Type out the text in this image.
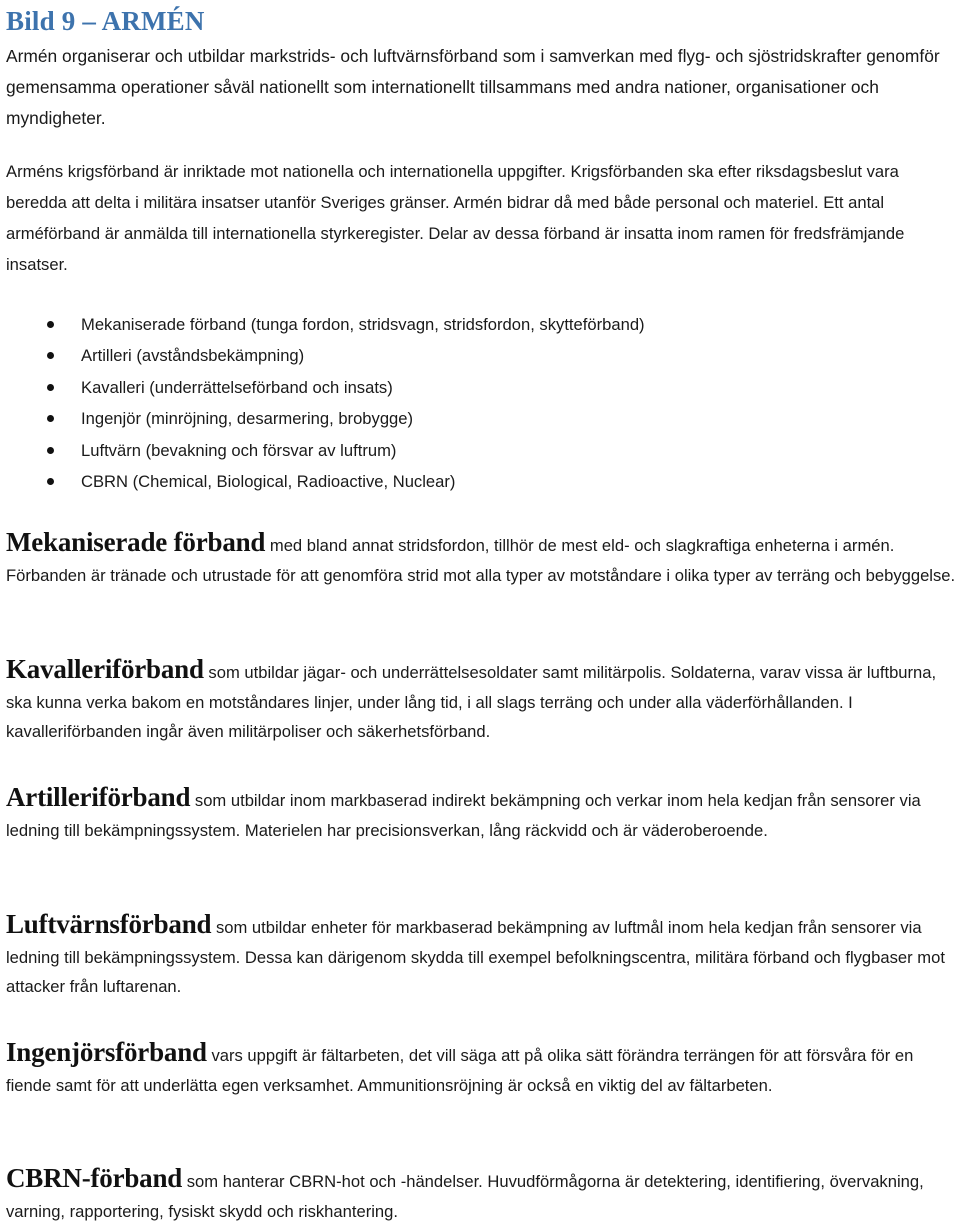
Bild 9 – ARMÉN

Armén organiserar och utbildar markstrids- och luftvärnsförband som i samverkan med flyg- och sjöstridskrafter genomför gemensamma operationer såväl nationellt som internationellt tillsammans med andra nationer, organisationer och myndigheter.

Arméns krigsförband är inriktade mot nationella och internationella uppgifter. Krigsförbanden ska efter riksdagsbeslut vara beredda att delta i militära insatser utanför Sveriges gränser. Armén bidrar då med både personal och materiel. Ett antal arméförband är anmälda till internationella styrkeregister. Delar av dessa förband är insatta inom ramen för fredsfrämjande insatser.

Mekaniserade förband (tunga fordon, stridsvagn, stridsfordon, skytteförband)
Artilleri (avståndsbekämpning)
Kavalleri (underrättelseförband och insats)
Ingenjör (minröjning, desarmering, brobygge)
Luftvärn (bevakning och försvar av luftrum)
CBRN (Chemical, Biological, Radioactive, Nuclear)

Mekaniserade förband med bland annat stridsfordon, tillhör de mest eld- och slagkraftiga enheterna i armén. Förbanden är tränade och utrustade för att genomföra strid mot alla typer av motståndare i olika typer av terräng och bebyggelse.

Kavalleriförband som utbildar jägar- och underrättelsesoldater samt militärpolis. Soldaterna, varav vissa är luftburna, ska kunna verka bakom en motståndares linjer, under lång tid, i all slags terräng och under alla väderförhållanden. I kavalleriförbanden ingår även militärpoliser och säkerhetsförband.

Artilleriförband som utbildar inom markbaserad indirekt bekämpning och verkar inom hela kedjan från sensorer via ledning till bekämpningssystem. Materielen har precisionsverkan, lång räckvidd och är väderoberoende.

Luftvärnsförband som utbildar enheter för markbaserad bekämpning av luftmål inom hela kedjan från sensorer via ledning till bekämpningssystem. Dessa kan därigenom skydda till exempel befolkningscentra, militära förband och flygbaser mot attacker från luftarenan.

Ingenjörsförband vars uppgift är fältarbeten, det vill säga att på olika sätt förändra terrängen för att försvåra för en fiende samt för att underlätta egen verksamhet. Ammunitionsröjning är också en viktig del av fältarbeten.

CBRN-förband som hanterar CBRN-hot och -händelser. Huvudförmågorna är detektering, identifiering, övervakning, varning, rapportering, fysiskt skydd och riskhantering.
